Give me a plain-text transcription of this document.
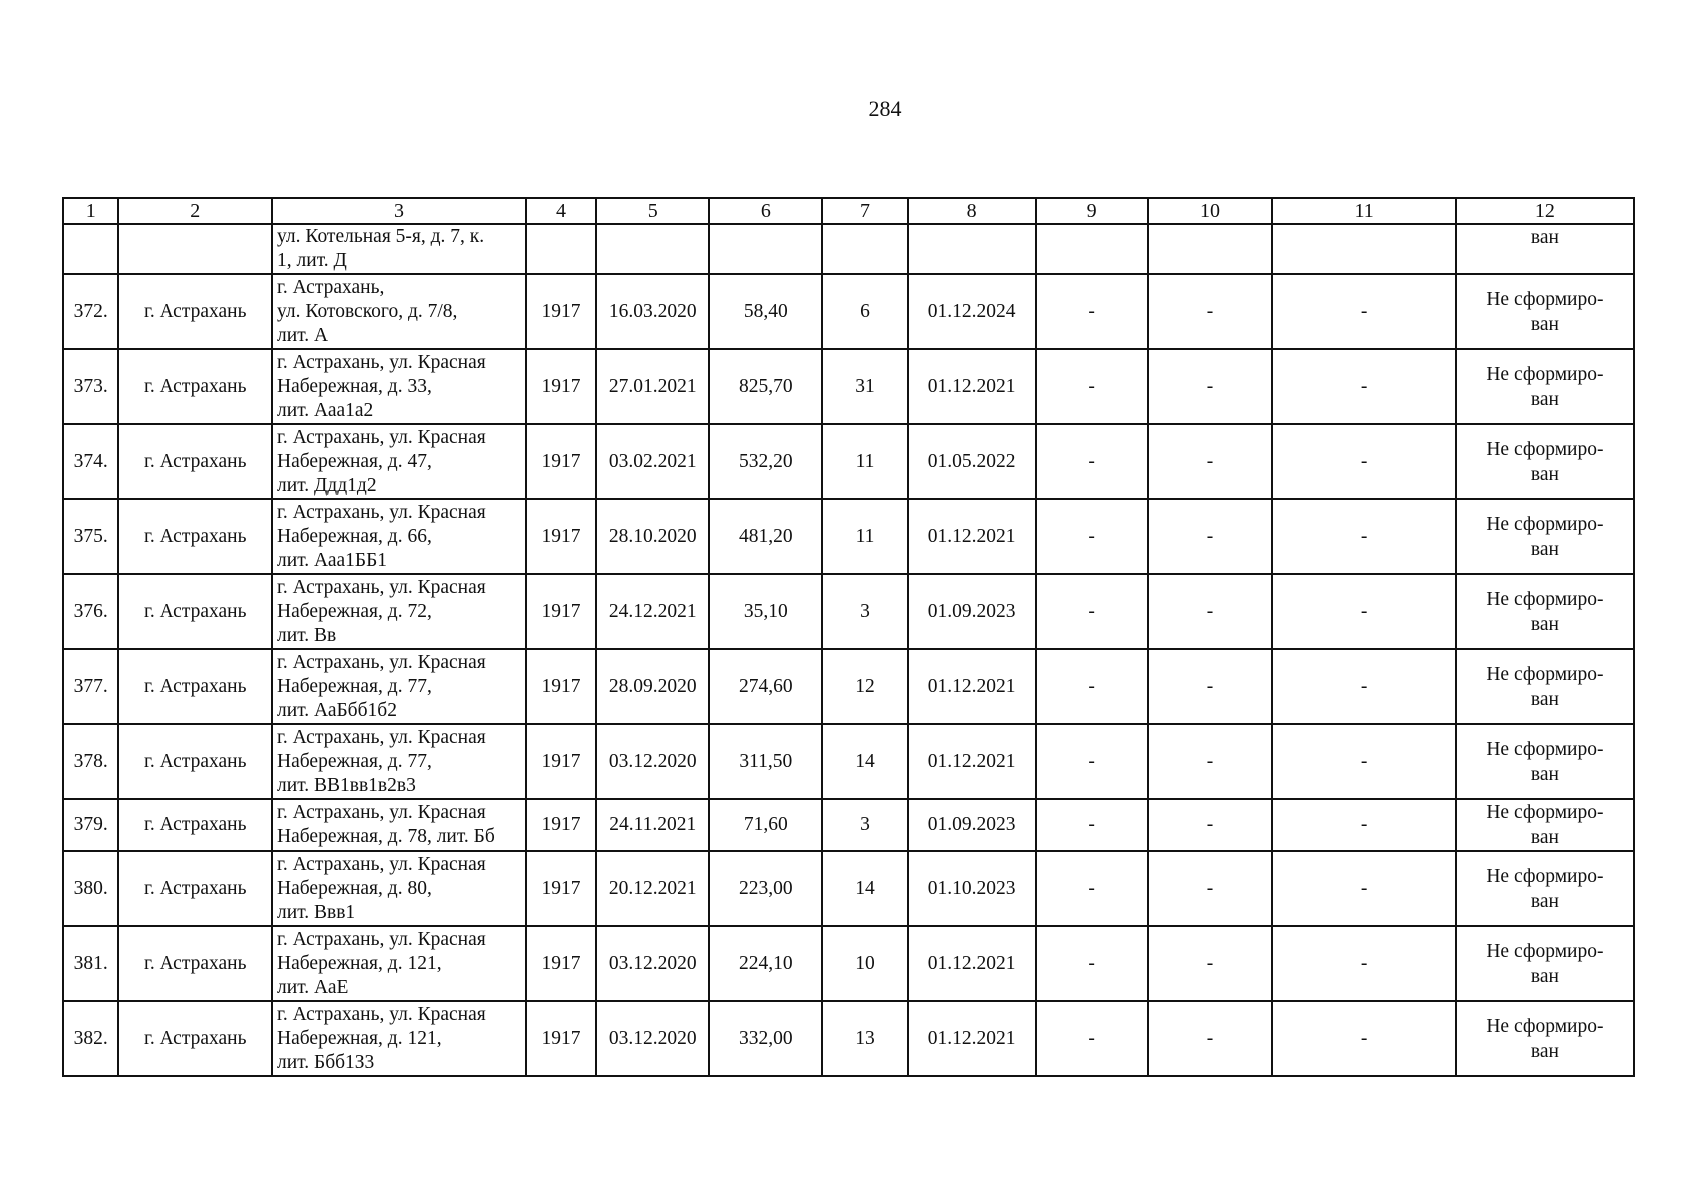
284
1	2	3	4	5	6	7	8	9	10	11	12

		ул. Котельная 5-я, д. 7, к.
1, лит. Д									ван

372.	г. Астрахань	г. Астрахань,
ул. Котовского, д. 7/8,
лит. А	1917	16.03.2020	58,40	6	01.12.2024	-	-	-	Не сформиро-
ван

373.	г. Астрахань	г. Астрахань, ул. Красная
Набережная, д. 33,
лит. Ааа1а2	1917	27.01.2021	825,70	31	01.12.2021	-	-	-	Не сформиро-
ван

374.	г. Астрахань	г. Астрахань, ул. Красная
Набережная, д. 47,
лит. Ддд1д2	1917	03.02.2021	532,20	11	01.05.2022	-	-	-	Не сформиро-
ван

375.	г. Астрахань	г. Астрахань, ул. Красная
Набережная, д. 66,
лит. Ааа1ББ1	1917	28.10.2020	481,20	11	01.12.2021	-	-	-	Не сформиро-
ван

376.	г. Астрахань	г. Астрахань, ул. Красная
Набережная, д. 72,
лит. Вв	1917	24.12.2021	35,10	3	01.09.2023	-	-	-	Не сформиро-
ван

377.	г. Астрахань	г. Астрахань, ул. Красная
Набережная, д. 77,
лит. АаБбб1б2	1917	28.09.2020	274,60	12	01.12.2021	-	-	-	Не сформиро-
ван

378.	г. Астрахань	г. Астрахань, ул. Красная
Набережная, д. 77,
лит. ВВ1вв1в2в3	1917	03.12.2020	311,50	14	01.12.2021	-	-	-	Не сформиро-
ван

379.	г. Астрахань	г. Астрахань, ул. Красная
Набережная, д. 78, лит. Бб	1917	24.11.2021	71,60	3	01.09.2023	-	-	-	Не сформиро-
ван

380.	г. Астрахань	г. Астрахань, ул. Красная
Набережная, д. 80,
лит. Ввв1	1917	20.12.2021	223,00	14	01.10.2023	-	-	-	Не сформиро-
ван

381.	г. Астрахань	г. Астрахань, ул. Красная
Набережная, д. 121,
лит. АаЕ	1917	03.12.2020	224,10	10	01.12.2021	-	-	-	Не сформиро-
ван

382.	г. Астрахань	г. Астрахань, ул. Красная
Набережная, д. 121,
лит. Ббб1З3	1917	03.12.2020	332,00	13	01.12.2021	-	-	-	Не сформиро-
ван
